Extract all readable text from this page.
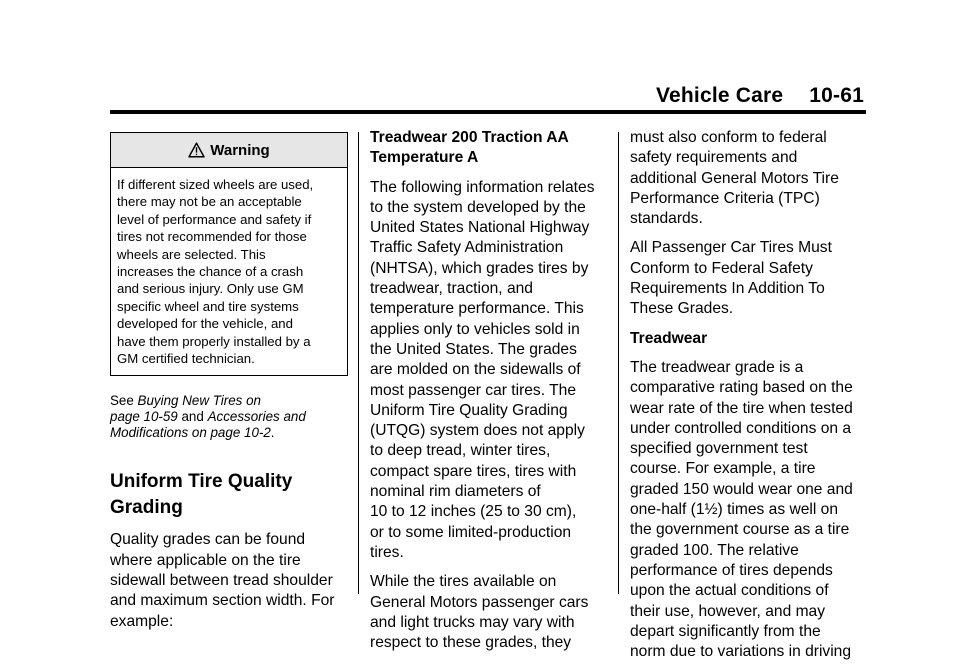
Vehicle Care 10-61
Warning
If different sized wheels are used,
there may not be an acceptable
level of performance and safety if
tires not recommended for those
wheels are selected. This
increases the chance of a crash
and serious injury. Only use GM
specific wheel and tire systems
developed for the vehicle, and
have them properly installed by a
GM certified technician.
See Buying New Tires on
page 10-59 and Accessories and
Modifications on page 10-2.
Uniform Tire Quality
Grading

Quality grades can be found
where applicable on the tire
sidewall between tread shoulder
and maximum section width. For
example:

Treadwear 200 Traction AA
Temperature A

The following information relates
to the system developed by the
United States National Highway
Traffic Safety Administration
(NHTSA), which grades tires by
treadwear, traction, and
temperature performance. This
applies only to vehicles sold in
the United States. The grades
are molded on the sidewalls of
most passenger car tires. The
Uniform Tire Quality Grading
(UTQG) system does not apply
to deep tread, winter tires,
compact spare tires, tires with
nominal rim diameters of
10 to 12 inches (25 to 30 cm),
or to some limited-production
tires.

While the tires available on
General Motors passenger cars
and light trucks may vary with
respect to these grades, they

must also conform to federal
safety requirements and
additional General Motors Tire
Performance Criteria (TPC)
standards.

All Passenger Car Tires Must
Conform to Federal Safety
Requirements In Addition To
These Grades.

Treadwear

The treadwear grade is a
comparative rating based on the
wear rate of the tire when tested
under controlled conditions on a
specified government test
course. For example, a tire
graded 150 would wear one and
one-half (1½) times as well on
the government course as a tire
graded 100. The relative
performance of tires depends
upon the actual conditions of
their use, however, and may
depart significantly from the
norm due to variations in driving
